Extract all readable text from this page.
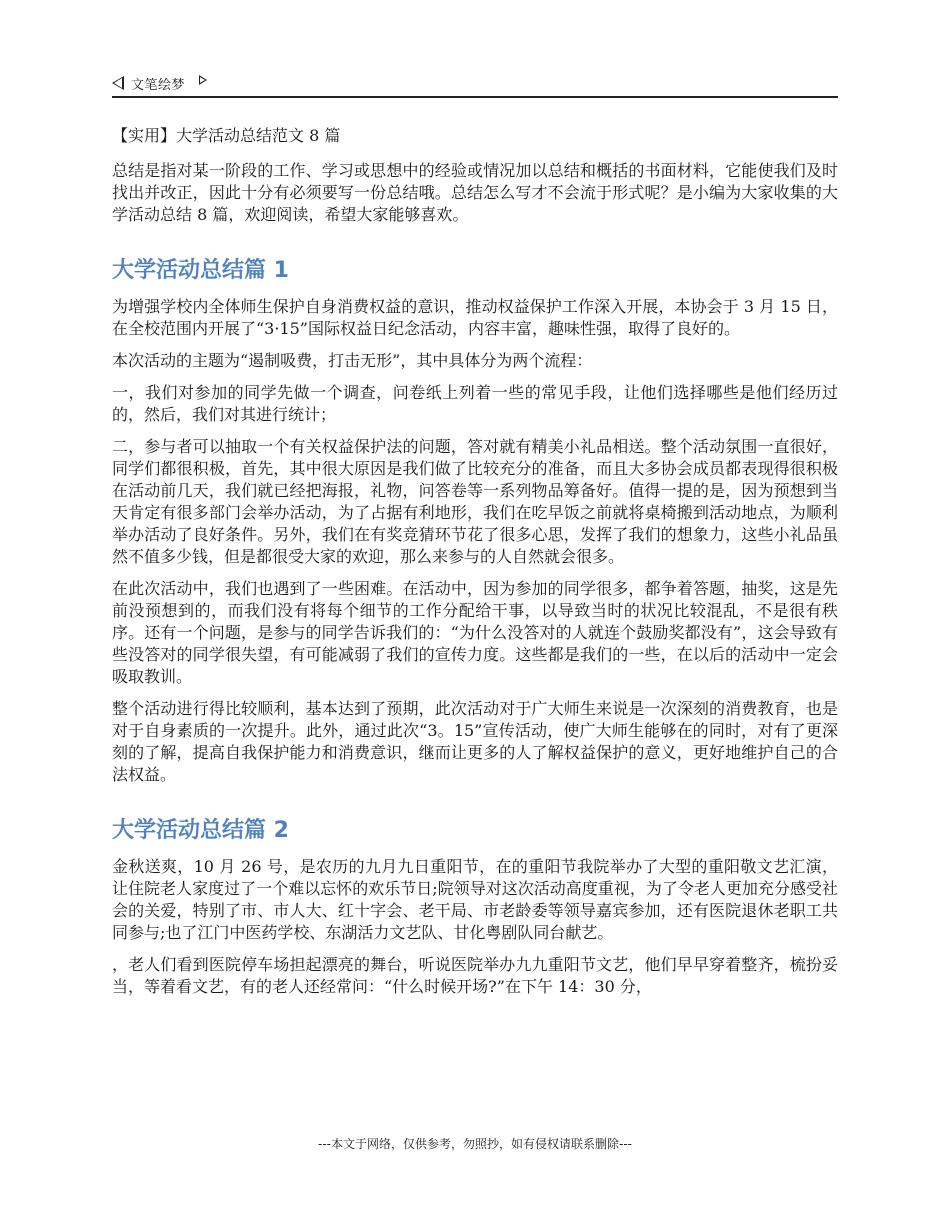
文笔绘梦
【实用】大学活动总结范文 8 篇

总结是指对某一阶段的工作、学习或思想中的经验或情况加以总结和概括的书面材料，它能使我们及时找出并改正，因此十分有必须要写一份总结哦。总结怎么写才不会流于形式呢？是小编为大家收集的大学活动总结 8 篇，欢迎阅读，希望大家能够喜欢。

大学活动总结篇 1

为增强学校内全体师生保护自身消费权益的意识，推动权益保护工作深入开展，本协会于 3 月 15 日，在全校范围内开展了“3·15”国际权益日纪念活动，内容丰富，趣味性强，取得了良好的。

本次活动的主题为“遏制吸费，打击无形”，其中具体分为两个流程：

一，我们对参加的同学先做一个调查，问卷纸上列着一些的常见手段，让他们选择哪些是他们经历过的，然后，我们对其进行统计；

二，参与者可以抽取一个有关权益保护法的问题，答对就有精美小礼品相送。整个活动氛围一直很好，同学们都很积极，首先，其中很大原因是我们做了比较充分的准备，而且大多协会成员都表现得很积极在活动前几天，我们就已经把海报，礼物，问答卷等一系列物品筹备好。值得一提的是，因为预想到当天肯定有很多部门会举办活动，为了占据有利地形，我们在吃早饭之前就将桌椅搬到活动地点，为顺利举办活动了良好条件。另外，我们在有奖竞猜环节花了很多心思，发挥了我们的想象力，这些小礼品虽然不值多少钱，但是都很受大家的欢迎，那么来参与的人自然就会很多。

在此次活动中，我们也遇到了一些困难。在活动中，因为参加的同学很多，都争着答题，抽奖，这是先前没预想到的，而我们没有将每个细节的工作分配给干事，以导致当时的状况比较混乱，不是很有秩序。还有一个问题，是参与的同学告诉我们的：“为什么没答对的人就连个鼓励奖都没有”，这会导致有些没答对的同学很失望，有可能减弱了我们的宣传力度。这些都是我们的一些，在以后的活动中一定会吸取教训。

整个活动进行得比较顺利，基本达到了预期，此次活动对于广大师生来说是一次深刻的消费教育，也是对于自身素质的一次提升。此外，通过此次“3。15”宣传活动，使广大师生能够在的同时，对有了更深刻的了解，提高自我保护能力和消费意识，继而让更多的人了解权益保护的意义，更好地维护自己的合法权益。

大学活动总结篇 2

金秋送爽，10 月 26 号，是农历的九月九日重阳节，在的重阳节我院举办了大型的重阳敬文艺汇演，让住院老人家度过了一个难以忘怀的欢乐节日;院领导对这次活动高度重视，为了令老人更加充分感受社会的关爱，特别了市、市人大、红十字会、老干局、市老龄委等领导嘉宾参加，还有医院退休老职工共同参与;也了江门中医药学校、东湖活力文艺队、甘化粤剧队同台献艺。

，老人们看到医院停车场担起漂亮的舞台，听说医院举办九九重阳节文艺，他们早早穿着整齐，梳扮妥当，等着看文艺，有的老人还经常问：“什么时候开场?”在下午 14：30 分，

---本文于网络，仅供参考，勿照抄，如有侵权请联系删除---
